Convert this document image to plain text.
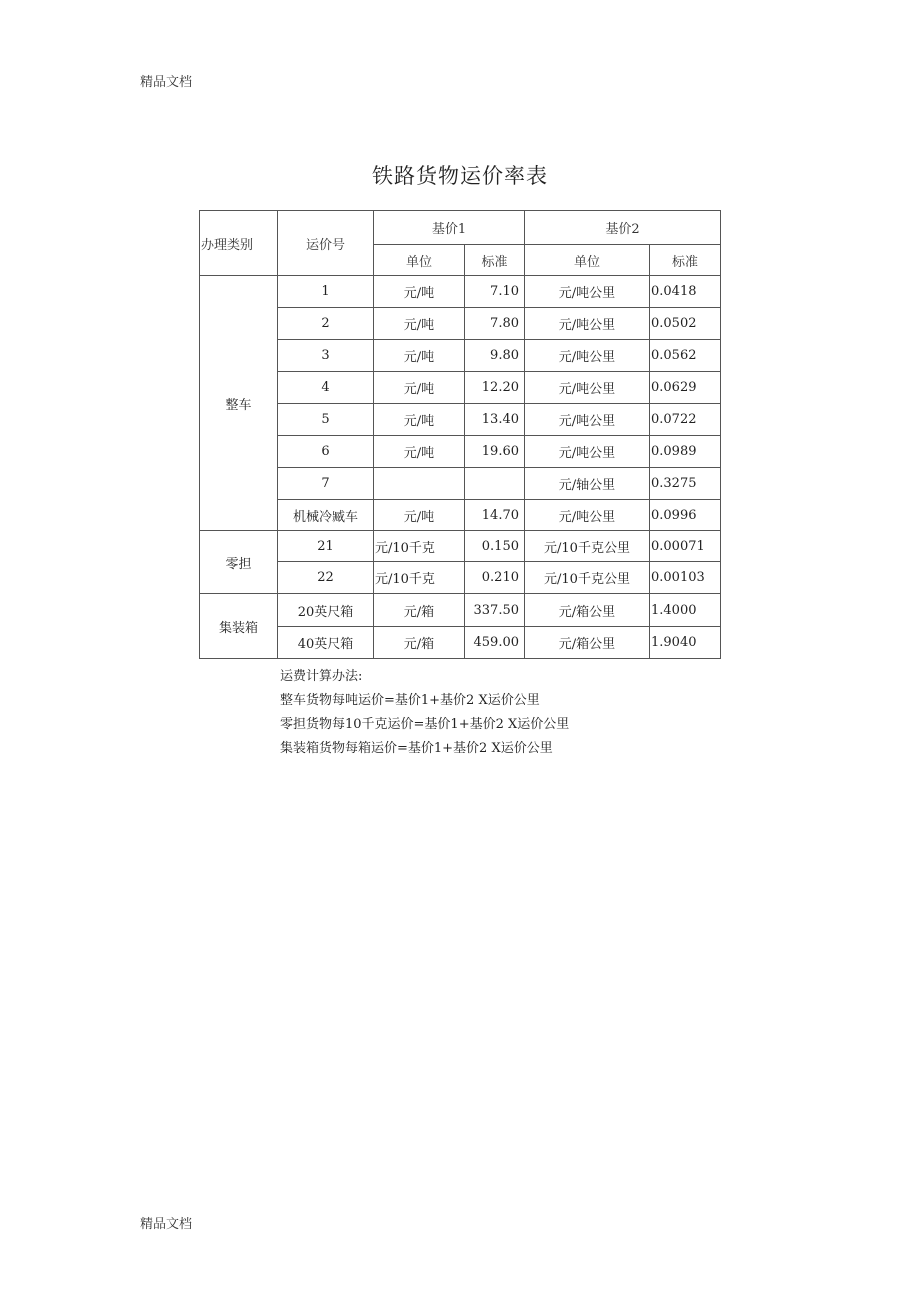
精品文档
铁路货物运价率表
办理类别	运价号	基价1		基价2	
		单位	标准	单位	标准
整车	1	元/吨	7.10	元/吨公里	0.0418
	2	元/吨	7.80	元/吨公里	0.0502
	3	元/吨	9.80	元/吨公里	0.0562
	4	元/吨	12.20	元/吨公里	0.0629
	5	元/吨	13.40	元/吨公里	0.0722
	6	元/吨	19.60	元/吨公里	0.0989
	7			元/轴公里	0.3275
	机械冷臧车	元/吨	14.70	元/吨公里	0.0996
零担	21	元/10千克	0.150	元/10千克公里	0.00071
	22	元/10千克	0.210	元/10千克公里	0.00103
集装箱	20英尺箱	元/箱	337.50	元/箱公里	1.4000
	40英尺箱	元/箱	459.00	元/箱公里	1.9040
运费计算办法:
整车货物每吨运价=基价1+基价2 X运价公里
零担货物每10千克运价=基价1+基价2 X运价公里
集装箱货物每箱运价=基价1+基价2 X运价公里
精品文档
